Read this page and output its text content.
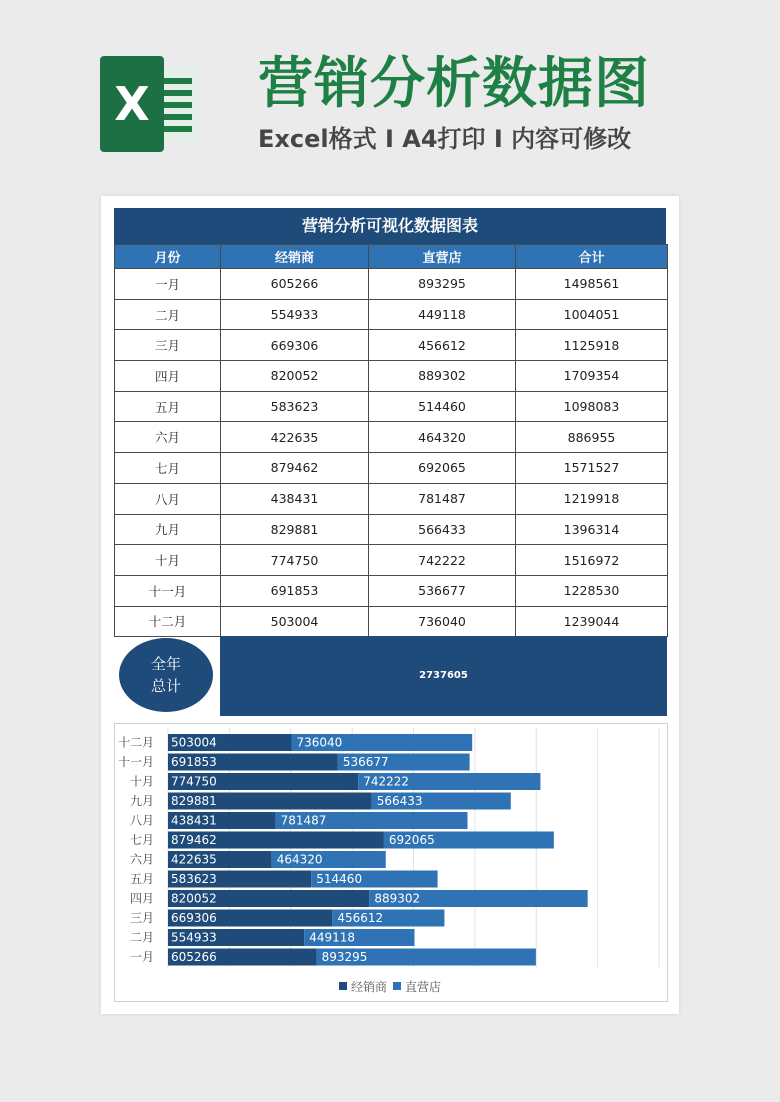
X 营销分析数据图
Excel格式 I A4打印 I 内容可修改
营销分析可视化数据图表
月份	经销商	直营店	合计
一月	605266	893295	1498561
二月	554933	449118	1004051
三月	669306	456612	1125918
四月	820052	889302	1709354
五月	583623	514460	1098083
六月	422635	464320	886955
七月	879462	692065	1571527
八月	438431	781487	1219918
九月	829881	566433	1396314
十月	774750	742222	1516972
十一月	691853	536677	1228530
十二月	503004	736040	1239044
全年
总计
2737605
十二月 503004	736040
十一月 691853	536677
十月 774750	742222
九月 829881	566433
八月 438431	781487
七月 879462	692065
六月 422635	464320
五月 583623	514460
四月 820052	889302
三月 669306	456612
二月 554933	449118
一月 605266	893295
经销商 直营店
